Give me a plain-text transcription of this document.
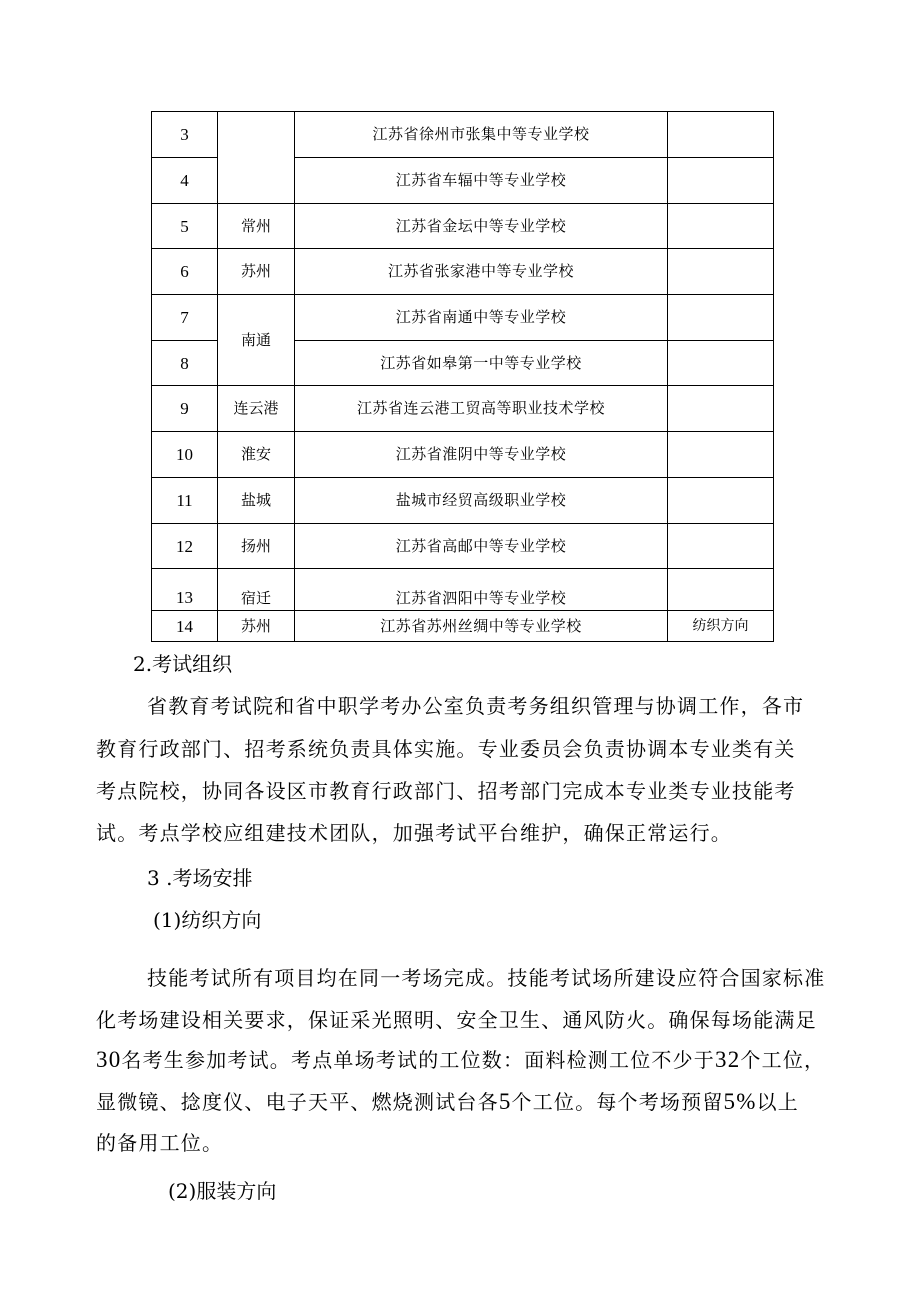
3		江苏省徐州市张集中等专业学校	
4		江苏省车辐中等专业学校	
5	常州	江苏省金坛中等专业学校	
6	苏州	江苏省张家港中等专业学校	
7	南通	江苏省南通中等专业学校	
8		江苏省如皋第一中等专业学校	
9	连云港	江苏省连云港工贸高等职业技术学校	
10	淮安	江苏省淮阴中等专业学校	
11	盐城	盐城市经贸高级职业学校	
12	扬州	江苏省高邮中等专业学校	
13	宿迁	江苏省泗阳中等专业学校	
14	苏州	江苏省苏州丝绸中等专业学校	纺织方向

2.考试组织

省教育考试院和省中职学考办公室负责考务组织管理与协调工作，各市

教育行政部门、招考系统负责具体实施。专业委员会负责协调本专业类有关

考点院校，协同各设区市教育行政部门、招考部门完成本专业类专业技能考

试。考点学校应组建技术团队，加强考试平台维护，确保正常运行。

3 .考场安排

(1)纺织方向

技能考试所有项目均在同一考场完成。技能考试场所建设应符合国家标准

化考场建设相关要求，保证采光照明、安全卫生、通风防火。确保每场能满足

30名考生参加考试。考点单场考试的工位数：面料检测工位不少于32个工位，

显微镜、捻度仪、电子天平、燃烧测试台各5个工位。每个考场预留5%以上

的备用工位。

(2)服装方向
